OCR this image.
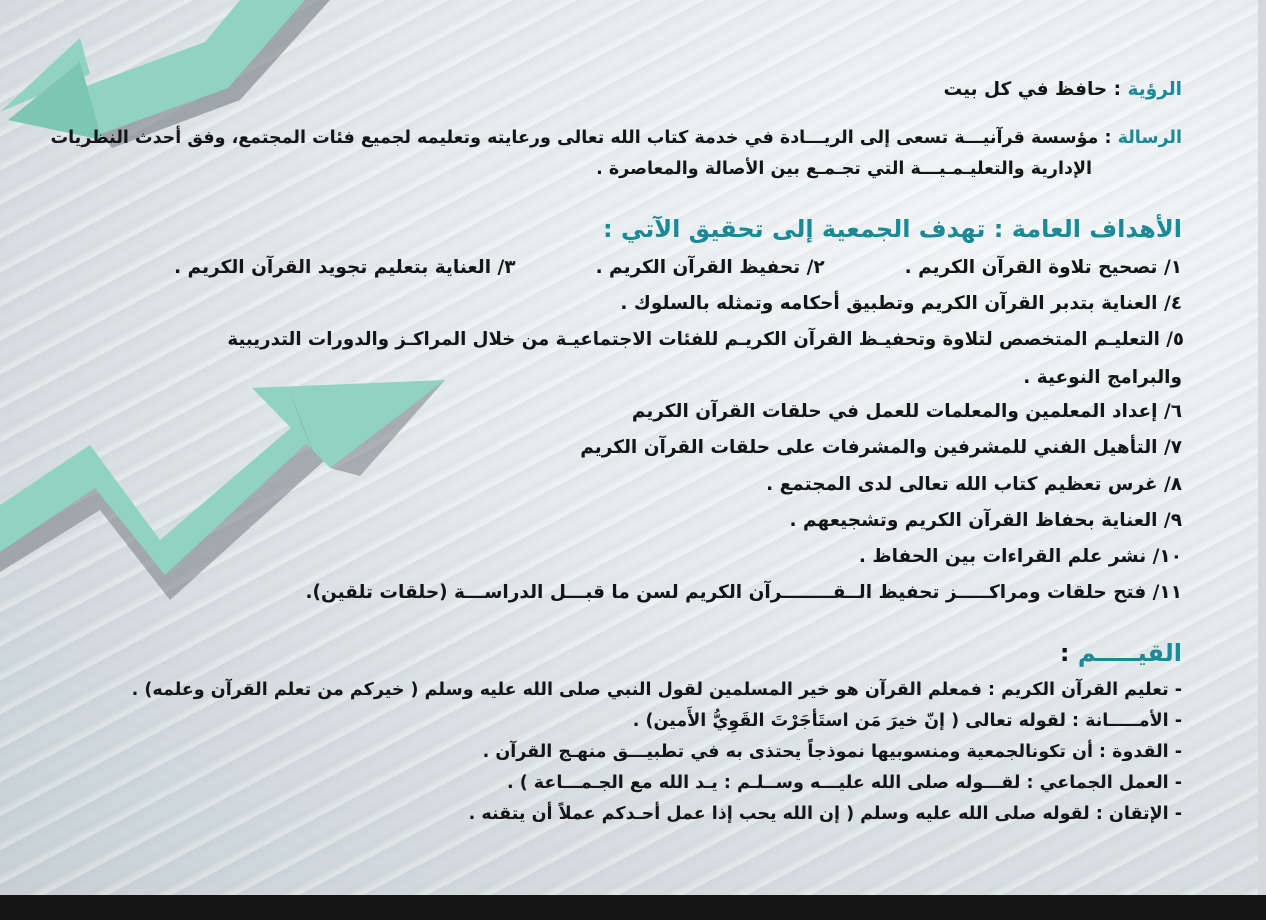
الرؤية : حافظ في كل بيت
الرسالة : مؤسسة قرآنيـــة تسعى إلى الريـــادة في خدمة كتاب الله تعالى ورعايته وتعليمه لجميع فئات المجتمع، وفق أحدث النظريات
الإدارية والتعليـمـيـــة التي تجـمـع بين الأصالة والمعاصرة .
الأهداف العامة : تهدف الجمعية إلى تحقيق الآتي :
١/ تصحيح تلاوة القرآن الكريم .٢/ تحفيظ القرآن الكريم .٣/ العناية بتعليم تجويد القرآن الكريم .
٤/ العناية بتدبر القرآن الكريم وتطبيق أحكامه وتمثله بالسلوك .
٥/ التعليـم المتخصص لتلاوة وتحفيـظ القرآن الكريـم للفئات الاجتماعيـة من خلال المراكـز والدورات التدريبية
والبرامج النوعية .
٦/ إعداد المعلمين والمعلمات للعمل في حلقات القرآن الكريم
٧/ التأهيل الفني للمشرفين والمشرفات على حلقات القرآن الكريم
٨/ غرس تعظيم كتاب الله تعالى لدى المجتمع .
٩/ العناية بحفاظ القرآن الكريم وتشجيعهم .
١٠/ نشر علم القراءات بين الحفاظ .
١١/ فتح حلقات ومراكـــــز تحفيظ الــقــــــــرآن الكريم لسن ما قبـــل الدراســـة (حلقات تلقين).
القيـــــم :
- تعليم القرآن الكريم : فمعلم القرآن هو خير المسلمين لقول النبي صلى الله عليه وسلم ( خيركم من تعلم القرآن وعلمه) .
- الأمـــــانة : لقوله تعالى ( إنّ خيرَ مَن استَأجَرْتَ القَوِيُّ الأَمين) .
- القدوة : أن تكونالجمعية ومنسوبيها نموذجاً يحتذى به في تطبيـــق منهـج القرآن .
- العمل الجماعي : لقـــوله صلى الله عليـــه وســلـم : يـد الله مع الجـمـــاعة ) .
- الإتقان : لقوله صلى الله عليه وسلم ( إن الله يحب إذا عمل أحـدكم عملاً أن يتقنه .
